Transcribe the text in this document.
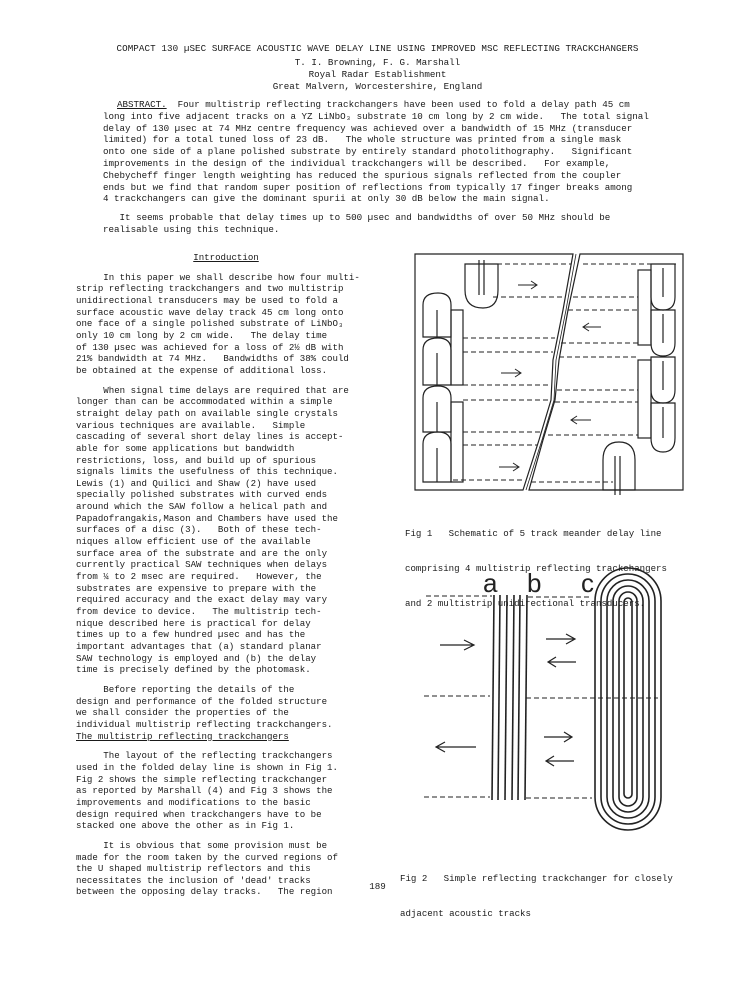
COMPACT 130 µSEC SURFACE ACOUSTIC WAVE DELAY LINE USING IMPROVED MSC REFLECTING TRACKCHANGERS
T. I. Browning, F. G. Marshall
Royal Radar Establishment
Great Malvern, Worcestershire, England

ABSTRACT. Four multistrip reflecting trackchangers have been used to fold a delay path 45 cm

long into five adjacent tracks on a YZ LiNbO₃ substrate 10 cm long by 2 cm wide.   The total signal

delay of 130 µsec at 74 MHz centre frequency was achieved over a bandwidth of 15 MHz (transducer

limited) for a total tuned loss of 23 dB.   The whole structure was printed from a single mask

onto one side of a plane polished substrate by entirely standard photolithography.   Significant

improvements in the design of the individual trackchangers will be described.   For example,

Chebycheff finger length weighting has reduced the spurious signals reflected from the coupler

ends but we find that random super position of reflections from typically 17 finger breaks among

4 trackchangers can give the dominant spurii at only 30 dB below the main signal.

It seems probable that delay times up to 500 µsec and bandwidths of over 50 MHz should be

realisable using this technique.

Introduction

In this paper we shall describe how four multi-

strip reflecting trackchangers and two multistrip

unidirectional transducers may be used to fold a

surface acoustic wave delay track 45 cm long onto

one face of a single polished substrate of LiNbO₃

only 10 cm long by 2 cm wide.   The delay time

of 130 µsec was achieved for a loss of 2½ dB with

21% bandwidth at 74 MHz.   Bandwidths of 38% could

be obtained at the expense of additional loss.

When signal time delays are required that are

longer than can be accommodated within a simple

straight delay path on available single crystals

various techniques are available.   Simple

cascading of several short delay lines is accept-

able for some applications but bandwidth

restrictions, loss, and build up of spurious

signals limits the usefulness of this technique.

Lewis (1) and Quilici and Shaw (2) have used

specially polished substrates with curved ends

around which the SAW follow a helical path and

Papadofrangakis,Mason and Chambers have used the

surfaces of a disc (3).   Both of these tech-

niques allow efficient use of the available

surface area of the substrate and are the only

currently practical SAW techniques when delays

from ¼ to 2 msec are required.   However, the

substrates are expensive to prepare with the

required accuracy and the exact delay may vary

from device to device.   The multistrip tech-

nique described here is practical for delay

times up to a few hundred µsec and has the

important advantages that (a) standard planar

SAW technology is employed and (b) the delay

time is precisely defined by the photomask.

Before reporting the details of the

design and performance of the folded structure

we shall consider the properties of the

individual multistrip reflecting trackchangers.

The multistrip reflecting trackchangers

The layout of the reflecting trackchangers

used in the folded delay line is shown in Fig 1.

Fig 2 shows the simple reflecting trackchanger

as reported by Marshall (4) and Fig 3 shows the

improvements and modifications to the basic

design required when trackchangers have to be

stacked one above the other as in Fig 1.

It is obvious that some provision must be

made for the room taken by the curved regions of

the U shaped multistrip reflectors and this

necessitates the inclusion of 'dead' tracks

between the opposing delay tracks.   The region

Fig 1   Schematic of 5 track meander delay line

comprising 4 multistrip reflecting trackchangers

and 2 multistrip unidirectional transducers.

a b c

Fig 2   Simple reflecting trackchanger for closely

adjacent acoustic tracks

189
